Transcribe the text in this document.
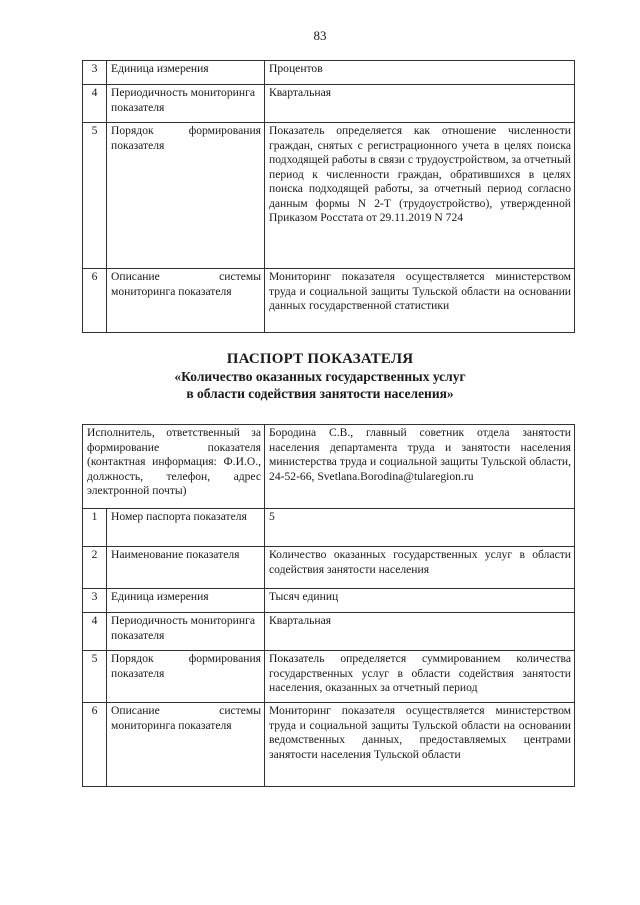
83
3	Единица измерения	Процентов
4	Периодичность мониторинга показателя	Квартальная
5	Порядок формирования показателя	Показатель определяется как отношение численности граждан, снятых с регистрационного учета в целях поиска подходящей работы в связи с трудоустройством, за отчетный период к численности граждан, обратившихся в целях поиска подходящей работы, за отчетный период согласно данным формы N 2-Т (трудоустройство), утвержденной Приказом Росстата от 29.11.2019 N 724
6	Описание системы мониторинга показателя	Мониторинг показателя осуществляется министерством труда и социальной защиты Тульской области на основании данных государственной статистики
ПАСПОРТ ПОКАЗАТЕЛЯ
«Количество оказанных государственных услуг
в области содействия занятости населения»
Исполнитель, ответственный за формирование показателя (контактная информация: Ф.И.О., должность, телефон, адрес электронной почты)		Бородина С.В., главный советник отдела занятости населения департамента труда и занятости населения министерства труда и социальной защиты Тульской области, 24-52-66, Svetlana.Borodina@tularegion.ru
1	Номер паспорта показателя	5
2	Наименование показателя	Количество оказанных государственных услуг в области содействия занятости населения
3	Единица измерения	Тысяч единиц
4	Периодичность мониторинга показателя	Квартальная
5	Порядок формирования показателя	Показатель определяется суммированием количества государственных услуг в области содействия занятости населения, оказанных за отчетный период
6	Описание системы мониторинга показателя	Мониторинг показателя осуществляется министерством труда и социальной защиты Тульской области на основании ведомственных данных, предоставляемых центрами занятости населения Тульской области
